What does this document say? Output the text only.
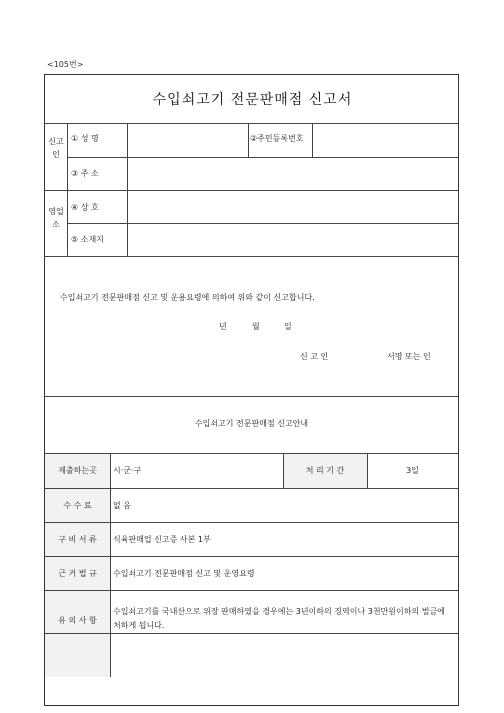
<105번>
수입쇠고기 전문판매점 신고서
신고인
① 성 명	②주민등록번호
③ 주 소
영업소
④ 상 호
⑤ 소재지
수입쇠고기 전문판매점 신고 및 운용요령에 의하여 위와 같이 신고합니다.
년	월	일
신 고 인	서명 또는 인
수입쇠고기 전문판매점 신고안내
제출하는곳	시·군·구	처 리 기 간	3일
수 수 료	없 음
구 비 서 류	식육판매업 신고증 사본 1부
근 거 법 규	수입쇠고기 전문판매점 신고 및 운영요령
유 의 사 항
수입쇠고기를 국내산으로 위장 판매하였을 경우에는 3년이하의 징역이나 3천만원이하의 벌금에 처하게 됩니다.
